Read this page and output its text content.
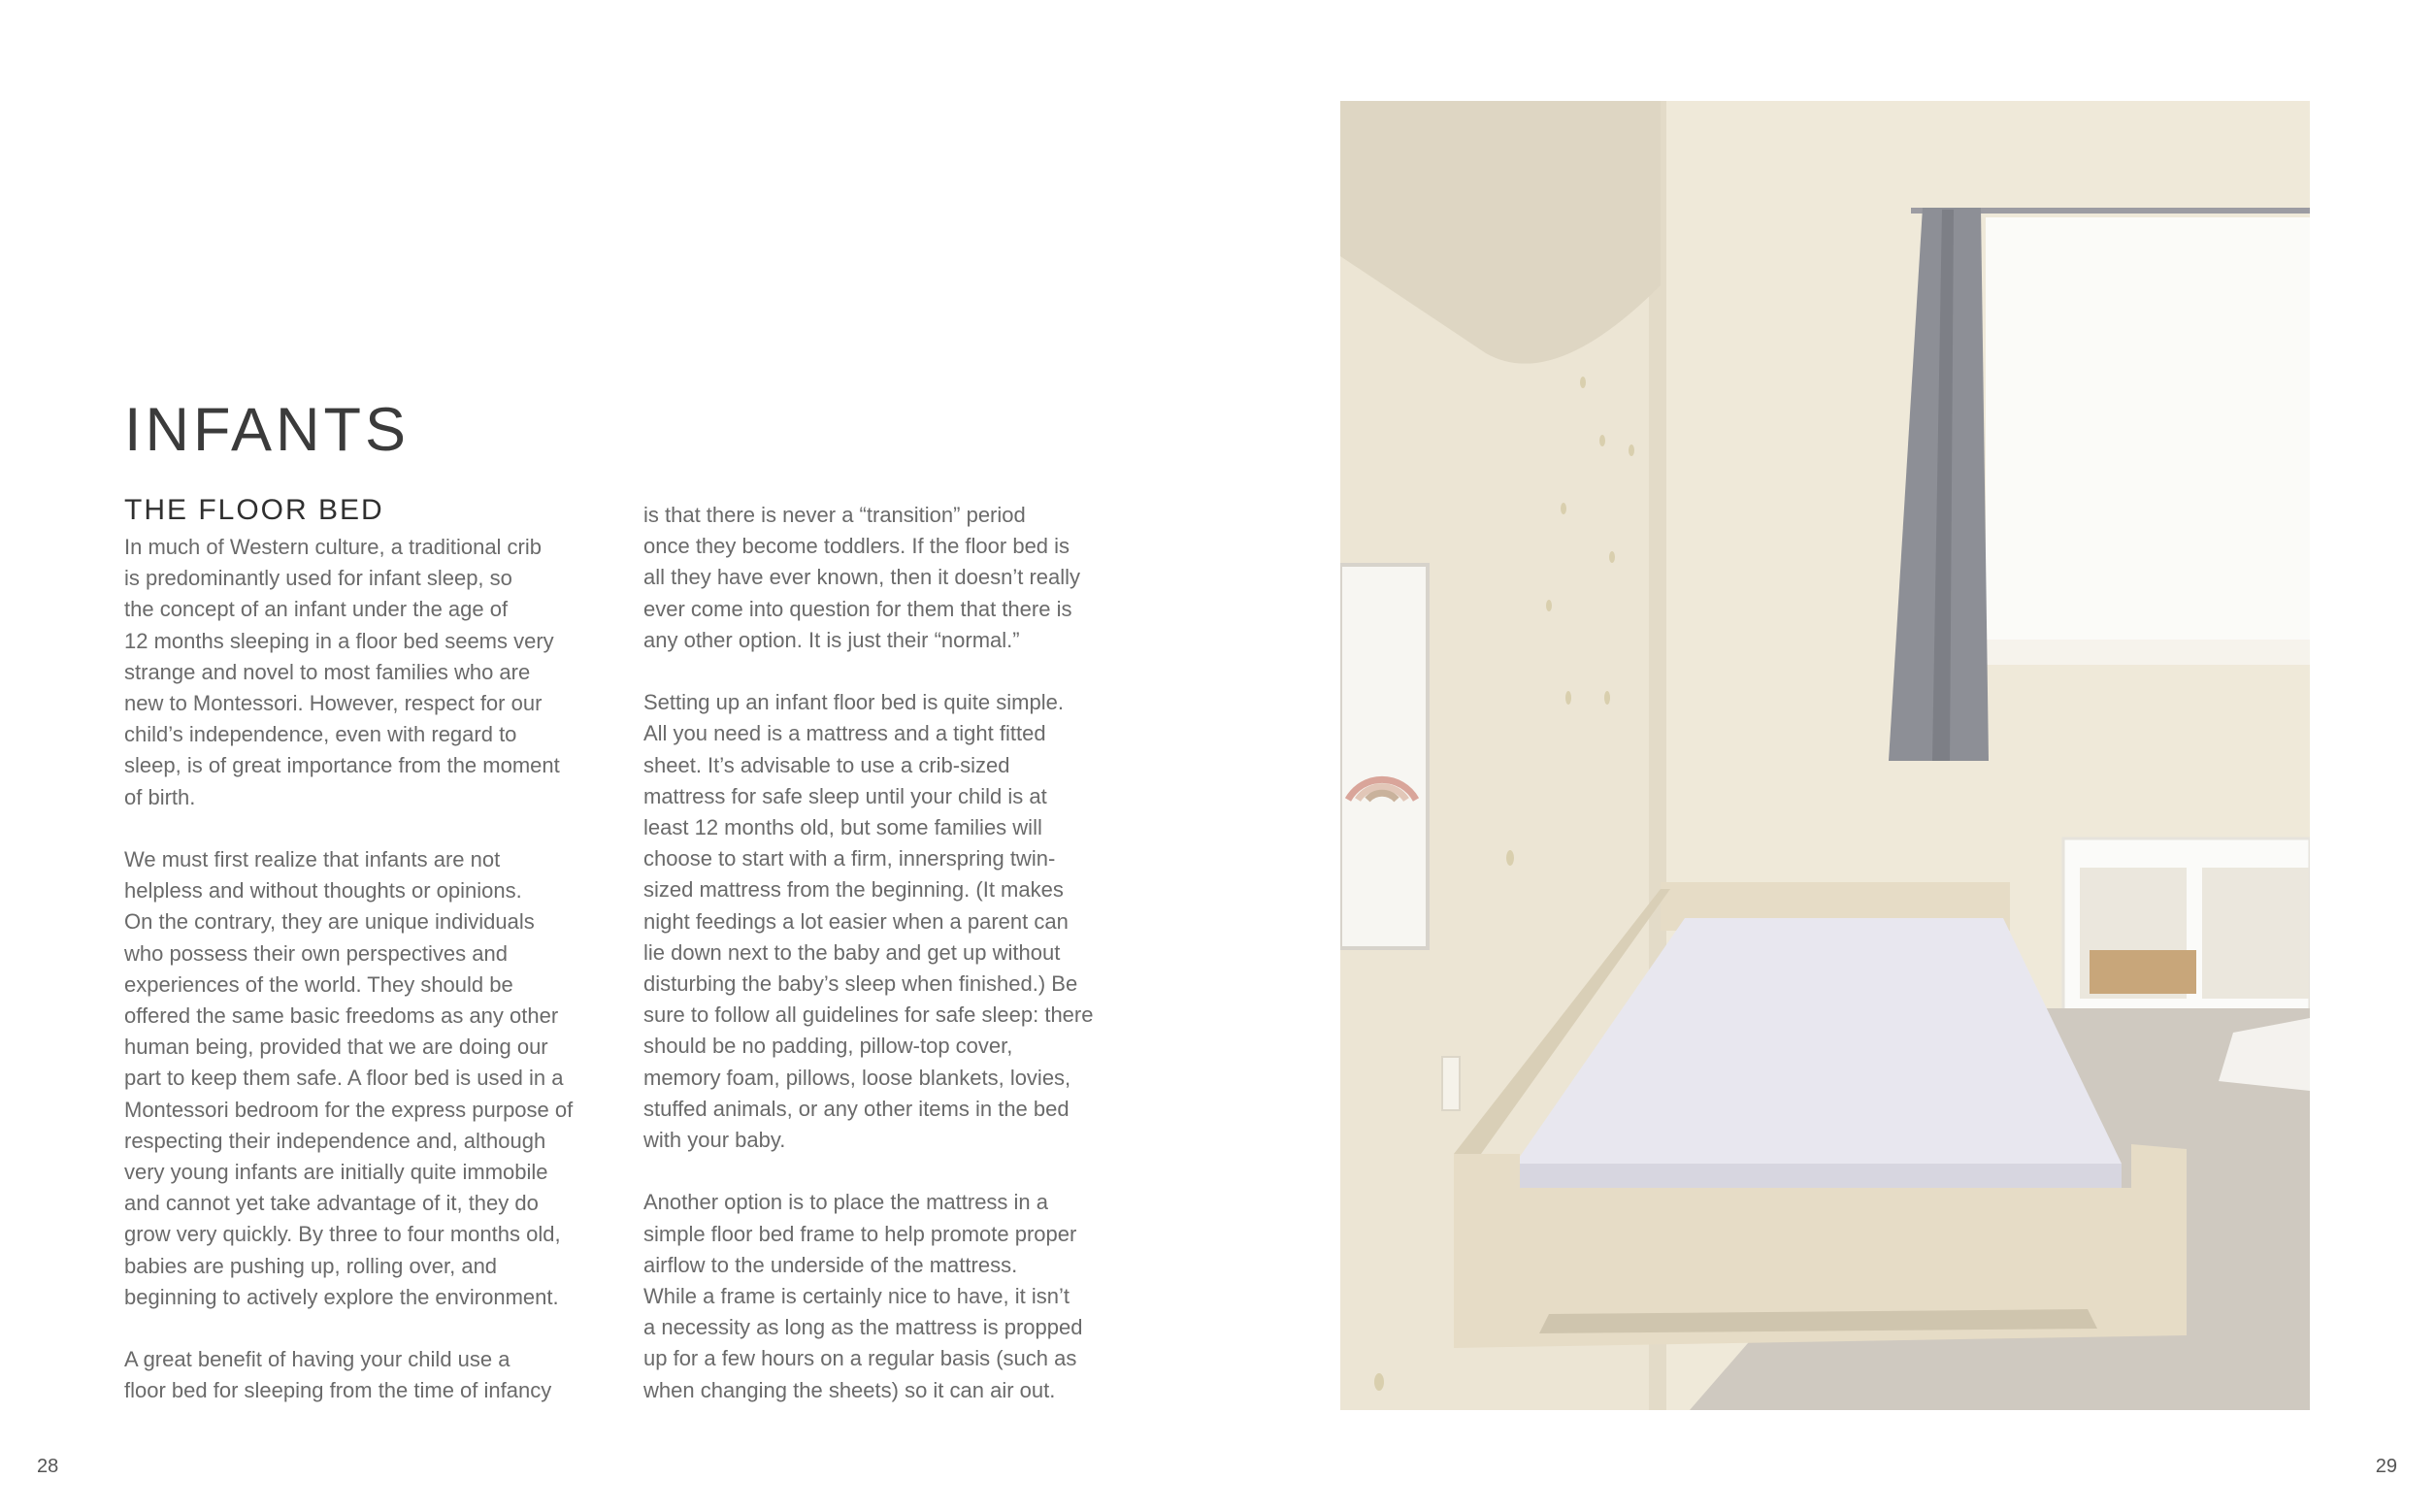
INFANTS
THE FLOOR BED

In much of Western culture, a traditional crib
is predominantly used for infant sleep, so
the concept of an infant under the age of
12 months sleeping in a floor bed seems very
strange and novel to most families who are
new to Montessori. However, respect for our
child’s independence, even with regard to
sleep, is of great importance from the moment
of birth.

We must first realize that infants are not
helpless and without thoughts or opinions.
On the contrary, they are unique individuals
who possess their own perspectives and
experiences of the world. They should be
offered the same basic freedoms as any other
human being, provided that we are doing our
part to keep them safe. A floor bed is used in a
Montessori bedroom for the express purpose of
respecting their independence and, although
very young infants are initially quite immobile
and cannot yet take advantage of it, they do
grow very quickly. By three to four months old,
babies are pushing up, rolling over, and
beginning to actively explore the environment.

A great benefit of having your child use a
floor bed for sleeping from the time of infancy

is that there is never a “transition” period
once they become toddlers. If the floor bed is
all they have ever known, then it doesn’t really
ever come into question for them that there is
any other option. It is just their “normal.”

Setting up an infant floor bed is quite simple.
All you need is a mattress and a tight fitted
sheet. It’s advisable to use a crib-sized
mattress for safe sleep until your child is at
least 12 months old, but some families will
choose to start with a firm, innerspring twin-
sized mattress from the beginning. (It makes
night feedings a lot easier when a parent can
lie down next to the baby and get up without
disturbing the baby’s sleep when finished.) Be
sure to follow all guidelines for safe sleep: there
should be no padding, pillow-top cover,
memory foam, pillows, loose blankets, lovies,
stuffed animals, or any other items in the bed
with your baby.

Another option is to place the mattress in a
simple floor bed frame to help promote proper
airflow to the underside of the mattress.
While a frame is certainly nice to have, it isn’t
a necessity as long as the mattress is propped
up for a few hours on a regular basis (such as
when changing the sheets) so it can air out.

28	29
